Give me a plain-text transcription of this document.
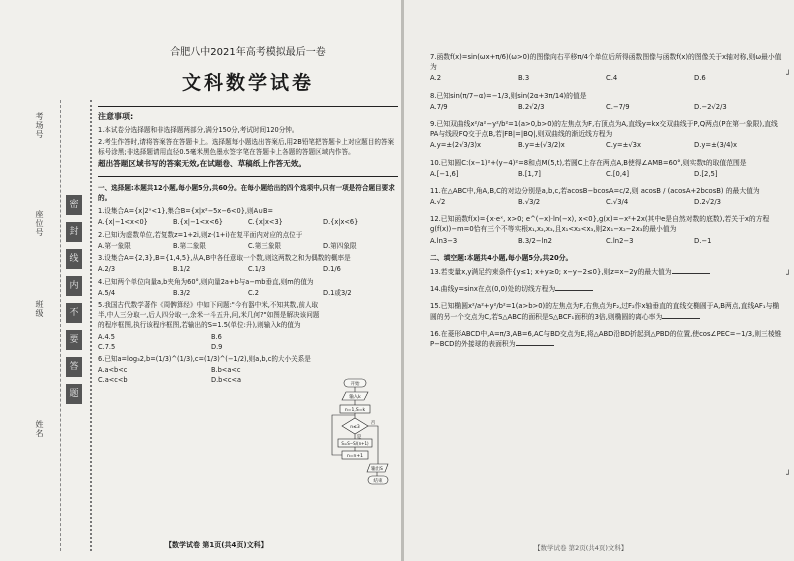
考场号
座位号
班级
姓名
密
封
线
内
不
要
答
题
合肥八中2021年高考模拟最后一卷
文科数学试卷
注意事项:

1.本试卷分选择题和非选择题两部分,满分150分,考试时间120分钟。

2.考生作答时,请将答案答在答题卡上。选择题每小题选出答案后,用2B铅笔把答题卡上对应题目的答案标号涂黑;非选择题请用直径0.5毫米黑色墨水签字笔在答题卡上各题的答题区域内作答。

超出答题区域书写的答案无效,在试题卷、草稿纸上作答无效。

一、选择题:本题共12小题,每小题5分,共60分。在每小题给出的四个选项中,只有一项是符合题目要求的。
1.设集合A={x|2ˣ<1},集合B={x|x²−5x−6<0},则A∪B=
A.{x|−1<x<0}	B.{x|−1<x<6}	C.{x|x<3}	D.{x|x<6}
2.已知i为虚数单位,若复数z=1+2i,则z·(1+i)在复平面内对应的点位于
A.第一象限	B.第二象限	C.第三象限	D.第四象限
3.设集合A={2,3},B={1,4,5},从A,B中各任意取一个数,则这两数之和为偶数的概率是
A.2/3	B.1/2	C.1/3	D.1/6
4.已知两个单位向量a,b夹角为60°,则向量2a+b与a−mb垂直,则m的值为
A.5/4	B.3/2	C.2	D.1或3/2
5.我国古代数学著作《周髀算经》中如下问题:"今有器中米,不知其数,前人取半,中人三分取一,后人四分取一,余米一斗五升,问,米几何?"如图是解决该问题的程序框图,执行该程序框图,若输出的S=1.5(单位:升),则输入k的值为
A.4.5	B.6
C.7.5	D.9
6.已知a=log₃2,b=(1/3)^(1/3),c=(1/3)^(−1/2),则a,b,c的大小关系是
A.a<b<c	B.b<a<c
C.a<c<b	D.b<c<a
开始
输入k
n=1,S=k
n≤3
S=S−S/(n+1)
n=n+1
输出S
结束
是
否
【数学试卷 第1页(共4页)文科】
7.函数f(x)=sin(ωx+π/6)(ω>0)的图像向右平移π/4个单位后所得函数图像与函数f(x)的图像关于x轴对称,则ω最小值为
A.2	B.3	C.4	D.6
8.已知sin(π/7−α)=−1/3,则sin(2α+3π/14)的值是
A.7/9	B.2√2/3	C.−7/9	D.−2√2/3
9.已知双曲线x²/a²−y²/b²=1(a>0,b>0)的左焦点为F,右顶点为A,直线y=kx交双曲线于P,Q两点(P在第一象限),直线PA与线段FQ交于点B,若|FB|=|BQ|,则双曲线的渐近线方程为
A.y=±(2√3/3)x	B.y=±(√3/2)x	C.y=±√3x	D.y=±(3/4)x
10.已知圆C:(x−1)²+(y−4)²=8和点M(5,t),若圆C上存在两点A,B使得∠AMB=60°,则实数t的取值范围是
A.[−1,6]	B.[1,7]	C.[0,4]	D.[2,5]
11.在△ABC中,角A,B,C的对边分别是a,b,c,若acosB−bcosA=c/2,则 acosB / (acosA+2bcosB) 的最大值为
A.√2	B.√3/2	C.√3/4	D.2√2/3
12.已知函数f(x)={x·eˣ, x>0; e^(−x)·ln(−x), x<0},g(x)=−x²+2x(其中e是自然对数的底数),若关于x的方程g(f(x))−m=0恰有三个不等实根x₁,x₂,x₃,且x₁<x₂<x₃,则2x₁−x₂−2x₃的最小值为
A.ln3−3	B.3/2−ln2	C.ln2−3	D.−1
二、填空题:本题共4小题,每小题5分,共20分。
13.若变量x,y满足约束条件{y≤1; x+y≥0; x−y−2≤0},则z=x−2y的最大值为
14.曲线y=sinx在点(0,0)处的切线方程为
15.已知椭圆x²/a²+y²/b²=1(a>b>0)的左焦点为F,右焦点为F₂,过F₂作x轴垂直的直线交椭圆于A,B两点,直线AF₁与椭圆的另一个交点为C,若S△ABC的面积是S△BCF₁面积的3倍,则椭圆的离心率为
16.在菱形ABCD中,A=π/3,AB=6,AC与BD交点为E,将△ABD沿BD折起到△PBD的位置,使cos∠PEC=−1/3,则三棱锥P−BCD的外接球的表面积为
┘
┘
┘
【数学试卷 第2页(共4页)文科】
